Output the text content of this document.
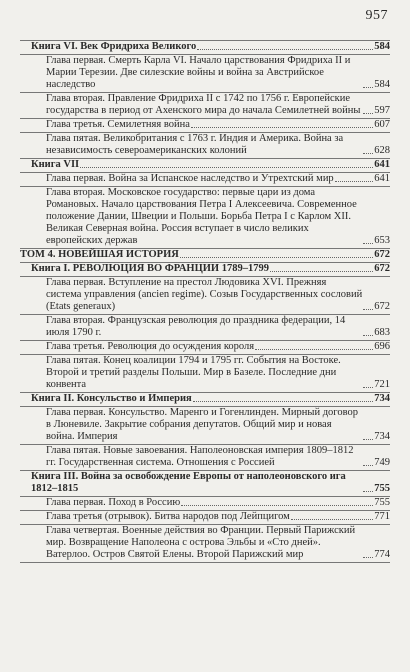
957
Книга VI. Век Фридриха Великого	584
Глава первая. Смерть Карла VI. Начало царствования Фридриха II и Марии Терезии. Две силезские войны и война за Австрийское наследство	584
Глава вторая. Правление Фридриха II с 1742 по 1756 г. Европейские государства в период от Ахенского мира до начала Семилетней войны 597
Глава третья. Семилетняя война	607
Глава пятая. Великобритания с 1763 г. Индия и Америка. Война за независимость североамериканских колоний	628
Книга VII	641
Глава первая. Война за Испанское наследство и Утрехтский мир	641
Глава вторая. Московское государство: первые цари из дома Романовых. Начало царствования Петра I Алексеевича. Современное положение Дании, Швеции и Польши. Борьба Петра I с Карлом XII. Великая Северная война. Россия вступает в число великих европейских держав	653
ТОМ 4. НОВЕЙШАЯ ИСТОРИЯ	672
Книга I. РЕВОЛЮЦИЯ ВО ФРАНЦИИ 1789–1799	672
Глава первая. Вступление на престол Людовика XVI. Прежняя система управления (ancien regime). Созыв Государственных сословий (Etats generaux)	672
Глава вторая. Французская революция до праздника федерации, 14 июля 1790 г.	683
Глава третья. Революция до осуждения короля	696
Глава пятая. Конец коалиции 1794 и 1795 гг. События на Востоке. Второй и третий разделы Польши. Мир в Базеле. Последние дни конвента	721
Книга II. Консульство и Империя	734
Глава первая. Консульство. Маренго и Гогенлинден. Мирный договор в Люневиле. Закрытие собрания депутатов. Общий мир и новая война. Империя	734
Глава пятая. Новые завоевания. Наполеоновская империя 1809–1812 гг. Государственная система. Отношения с Россией	749
Книга III. Война за освобождение Европы от наполеоновского ига 1812–1815	755
Глава первая. Поход в Россию	755
Глава третья (отрывок). Битва народов под Лейпцигом	771
Глава четвертая. Военные действия во Франции. Первый Парижский мир. Возвращение Наполеона с острова Эльбы и «Сто дней». Ватерлоо. Остров Святой Елены. Второй Парижский мир	774
